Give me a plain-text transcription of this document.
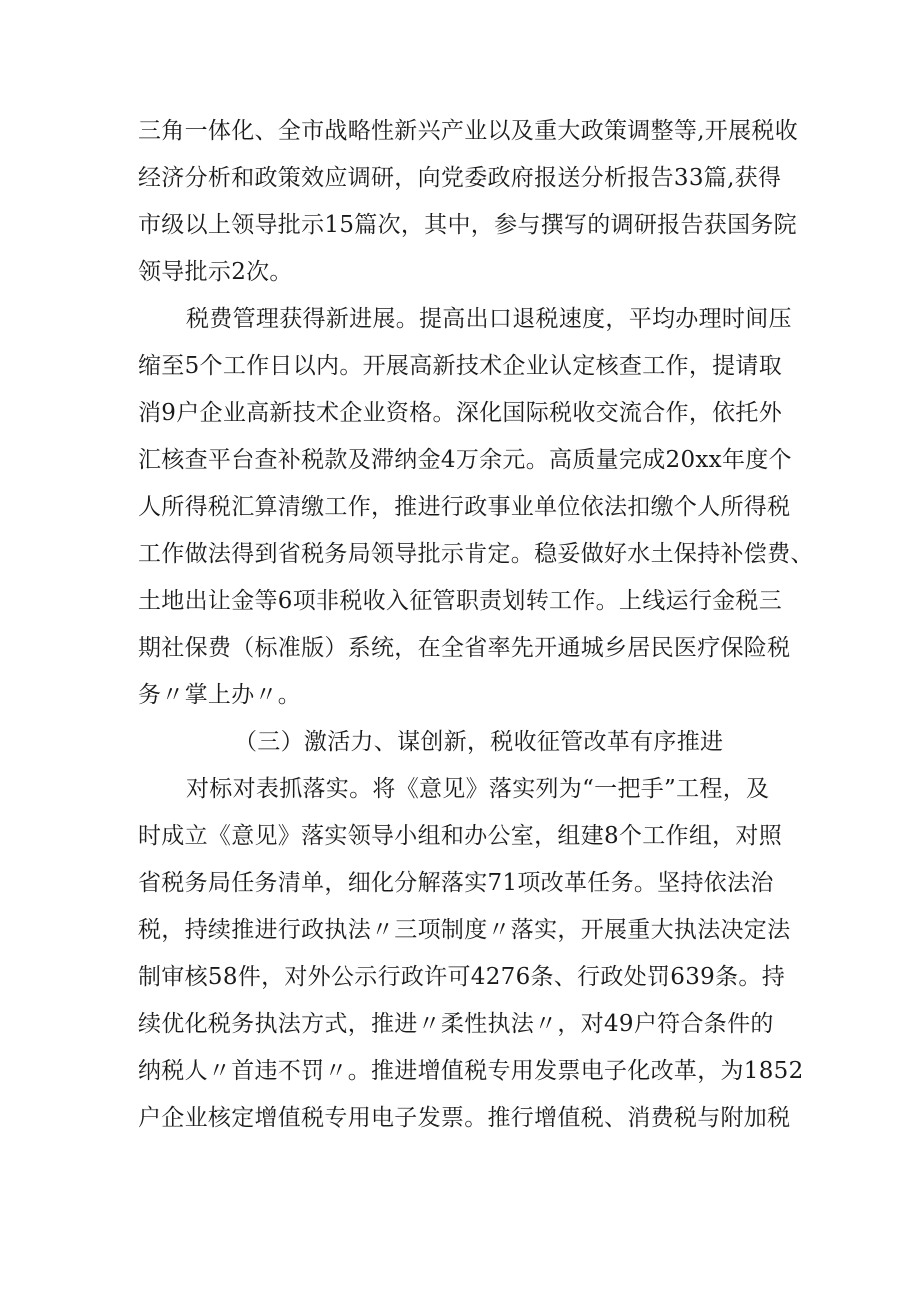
三角一体化、全市战略性新兴产业以及重大政策调整等,开展税收
经济分析和政策效应调研，向党委政府报送分析报告33篇,获得
市级以上领导批示15篇次，其中，参与撰写的调研报告获国务院
领导批示2次。
税费管理获得新进展。提高出口退税速度，平均办理时间压
缩至5个工作日以内。开展高新技术企业认定核查工作，提请取
消9户企业高新技术企业资格。深化国际税收交流合作，依托外
汇核查平台查补税款及滞纳金4万余元。高质量完成20xx年度个
人所得税汇算清缴工作，推进行政事业单位依法扣缴个人所得税
工作做法得到省税务局领导批示肯定。稳妥做好水土保持补偿费、
土地出让金等6项非税收入征管职责划转工作。上线运行金税三
期社保费（标准版）系统，在全省率先开通城乡居民医疗保险税
务〃掌上办〃。
（三）激活力、谋创新，税收征管改革有序推进
对标对表抓落实。将《意见》落实列为“一把手”工程，及
时成立《意见》落实领导小组和办公室，组建8个工作组，对照
省税务局任务清单，细化分解落实71项改革任务。坚持依法治
税，持续推进行政执法〃三项制度〃落实，开展重大执法决定法
制审核58件，对外公示行政许可4276条、行政处罚639条。持
续优化税务执法方式，推进〃柔性执法〃，对49户符合条件的
纳税人〃首违不罚〃。推进增值税专用发票电子化改革，为1852
户企业核定增值税专用电子发票。推行增值税、消费税与附加税
